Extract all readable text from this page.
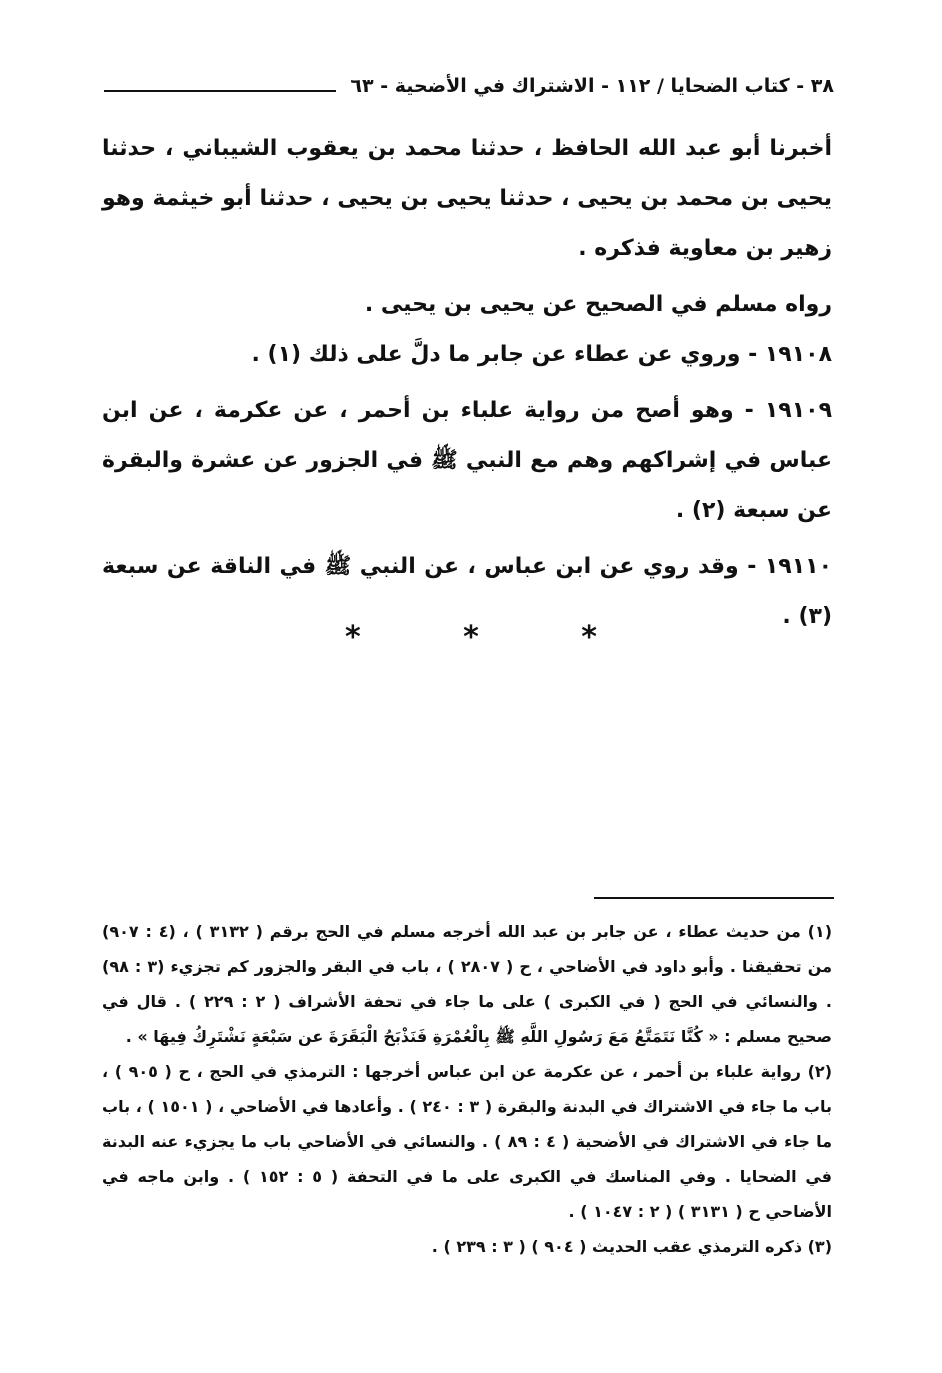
٣٨ - كتاب الضحايا / ١١٢ - الاشتراك في الأضحية - ٦٣

أخبرنا أبو عبد الله الحافظ ، حدثنا محمد بن يعقوب الشيباني ، حدثنا يحيى بن محمد بن يحيى ، حدثنا يحيى بن يحيى ، حدثنا أبو خيثمة وهو زهير بن معاوية فذكره .

رواه مسلم في الصحيح عن يحيى بن يحيى .

١٩١٠٨ - وروي عن عطاء عن جابر ما دلَّ على ذلك (١) .

١٩١٠٩ - وهو أصح من رواية علباء بن أحمر ، عن عكرمة ، عن ابن عباس في إشراكهم وهم مع النبي ﷺ في الجزور عن عشرة والبقرة عن سبعة (٢) .

١٩١١٠ - وقد روي عن ابن عباس ، عن النبي ﷺ في الناقة عن سبعة (٣) .

* * *

(١) من حديث عطاء ، عن جابر بن عبد الله أخرجه مسلم في الحج برقم ( ٣١٣٢ ) ، (٤ : ٩٠٧) من تحقيقنا . وأبو داود في الأضاحي ، ح ( ٢٨٠٧ ) ، باب في البقر والجزور كم تجزيء (٣ : ٩٨) . والنسائي في الحج ( في الكبرى ) على ما جاء في تحفة الأشراف ( ٢ : ٢٢٩ ) . قال في صحيح مسلم : « كُنَّا نَتَمَتَّعُ مَعَ رَسُولِ اللَّهِ ﷺ بِالْعُمْرَةِ فَنَذْبَحُ الْبَقَرَةَ عن سَبْعَةٍ نَشْتَرِكُ فِيهَا » .

(٢) رواية علباء بن أحمر ، عن عكرمة عن ابن عباس أخرجها : الترمذي في الحج ، ح ( ٩٠٥ ) ، باب ما جاء في الاشتراك في البدنة والبقرة ( ٣ : ٢٤٠ ) . وأعادها في الأضاحي ، ( ١٥٠١ ) ، باب ما جاء في الاشتراك في الأضحية ( ٤ : ٨٩ ) . والنسائي في الأضاحي باب ما يجزيء عنه البدنة في الضحايا . وفي المناسك في الكبرى على ما في التحفة ( ٥ : ١٥٢ ) . وابن ماجه في الأضاحي ح ( ٣١٣١ ) ( ٢ : ١٠٤٧ ) .

(٣) ذكره الترمذي عقب الحديث ( ٩٠٤ ) ( ٣ : ٢٣٩ ) .
